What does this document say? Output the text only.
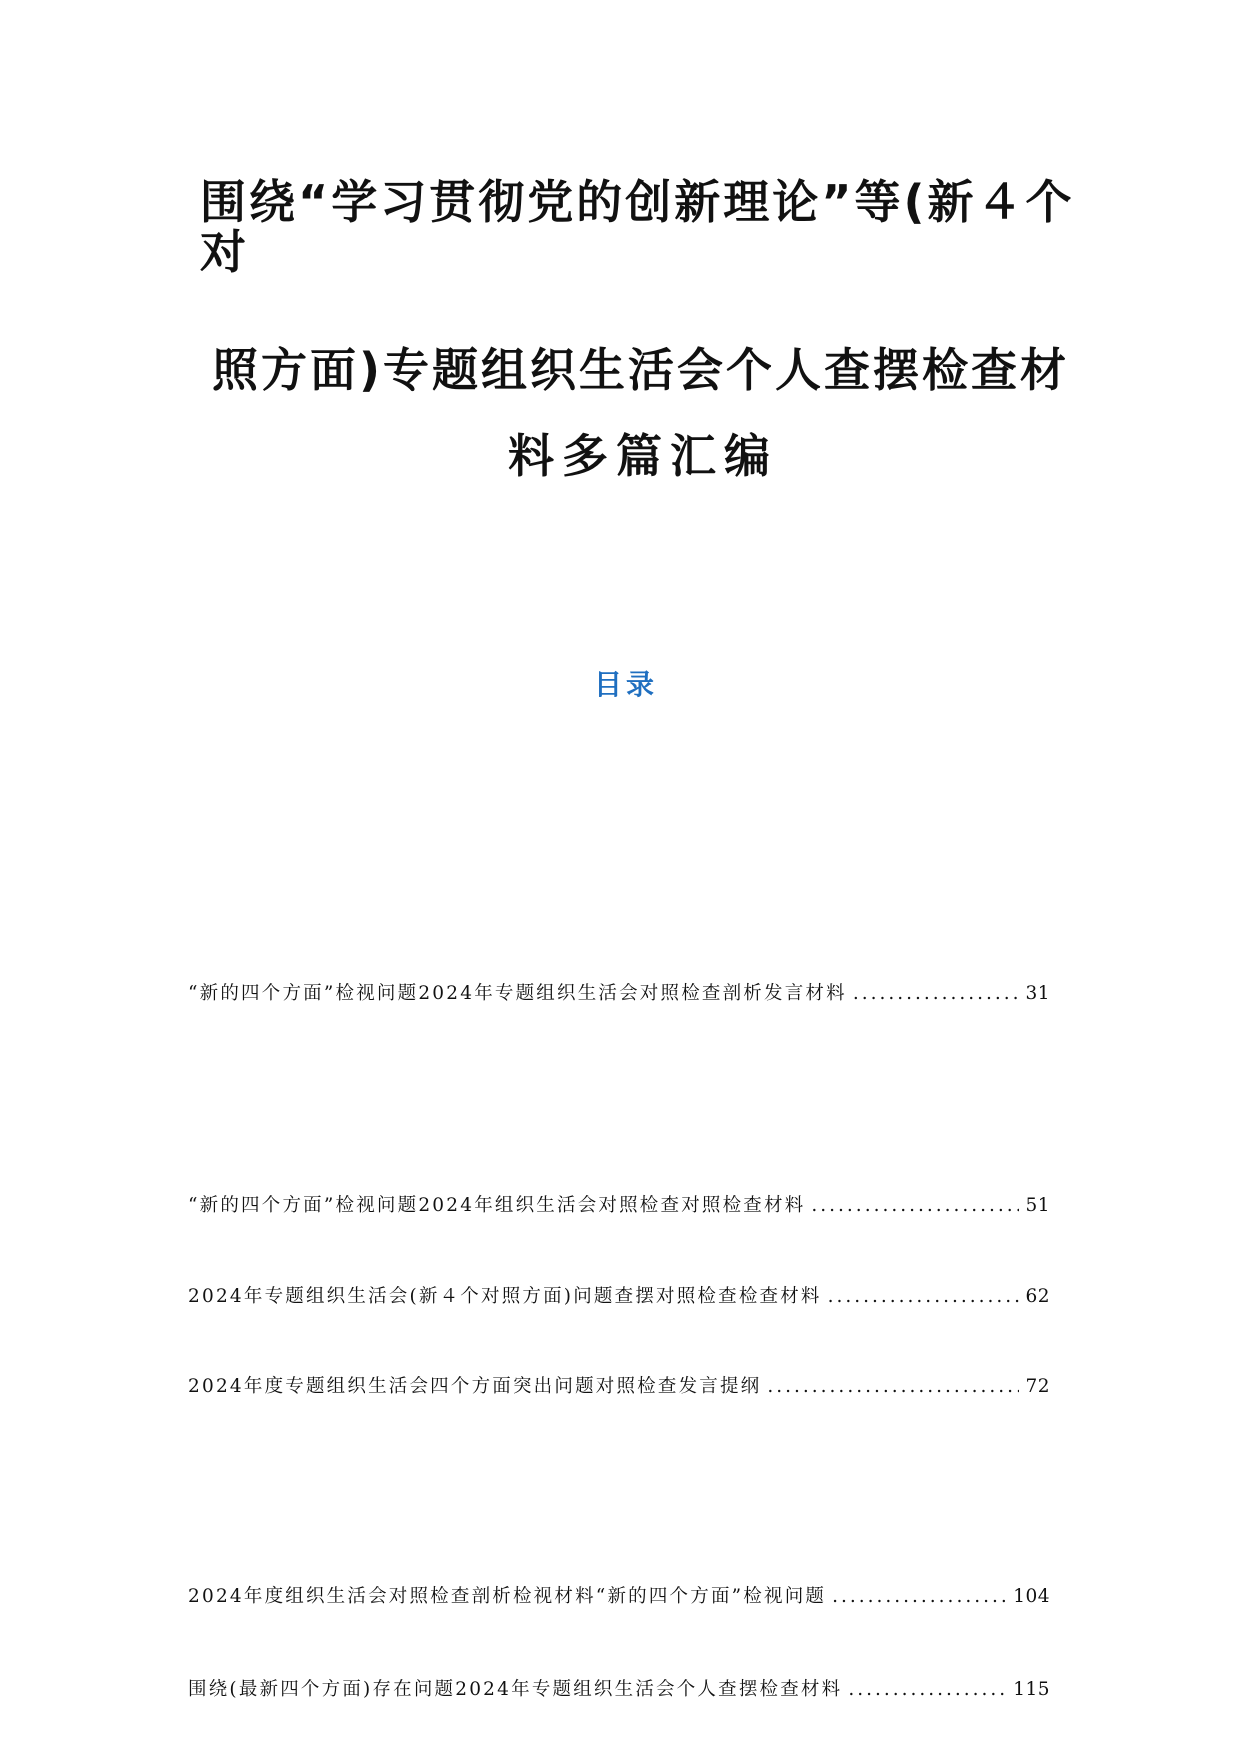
围绕“学习贯彻党的创新理论”等(新４个
对
照方面)专题组织生活会个人查摆检查材
料多篇汇编
目录
“新的四个方面”检视问题2024年专题组织生活会对照检查剖析发言材料 .....	31
“新的四个方面”检视问题2024年组织生活会对照检查对照检查材料 .....	51
2024年专题组织生活会(新４个对照方面)问题查摆对照检查检查材料 .....	62
2024年度专题组织生活会四个方面突出问题对照检查发言提纲 .....	72
2024年度组织生活会对照检查剖析检视材料“新的四个方面”检视问题 .....	104
围绕(最新四个方面)存在问题2024年专题组织生活会个人查摆检查材料 .....	115
